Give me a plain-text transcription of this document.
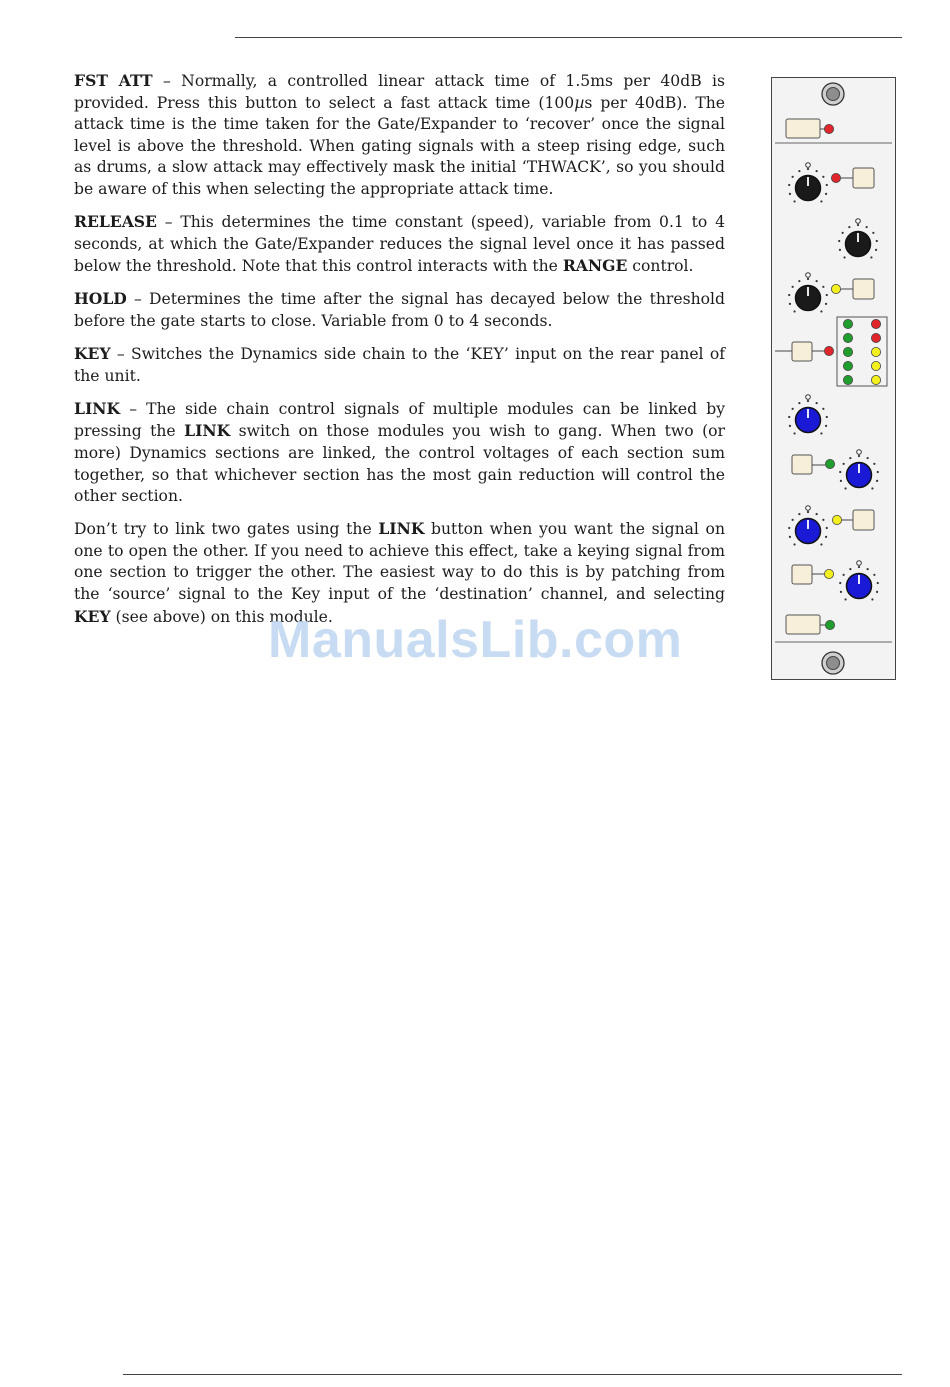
FST ATT – Normally, a controlled linear attack time of 1.5ms per 40dB is provided. Press this button to select a fast attack time (100µs per 40dB). The attack time is the time taken for the Gate/Expander to ‘recover’ once the signal level is above the threshold. When gating signals with a steep rising edge, such as drums, a slow attack may effectively mask the initial ‘THWACK’, so you should be aware of this when selecting the appropriate attack time.

RELEASE – This determines the time constant (speed), variable from 0.1 to 4 seconds, at which the Gate/Expander reduces the signal level once it has passed below the threshold. Note that this control interacts with the RANGE control.

HOLD – Determines the time after the signal has decayed below the threshold before the gate starts to close. Variable from 0 to 4 seconds.

KEY – Switches the Dynamics side chain to the ‘KEY’ input on the rear panel of the unit.

LINK – The side chain control signals of multiple modules can be linked by pressing the LINK switch on those modules you wish to gang. When two (or more) Dynamics sections are linked, the control voltages of each section sum together, so that whichever section has the most gain reduction will control the other section.

Don’t try to link two gates using the LINK button when you want the signal on one to open the other. If you need to achieve this effect, take a keying signal from one section to trigger the other. The easiest way to do this is by patching from the ‘source’ signal to the Key input of the ‘destination’ channel, and selecting KEY (see above) on this module.

ManualsLib.com
